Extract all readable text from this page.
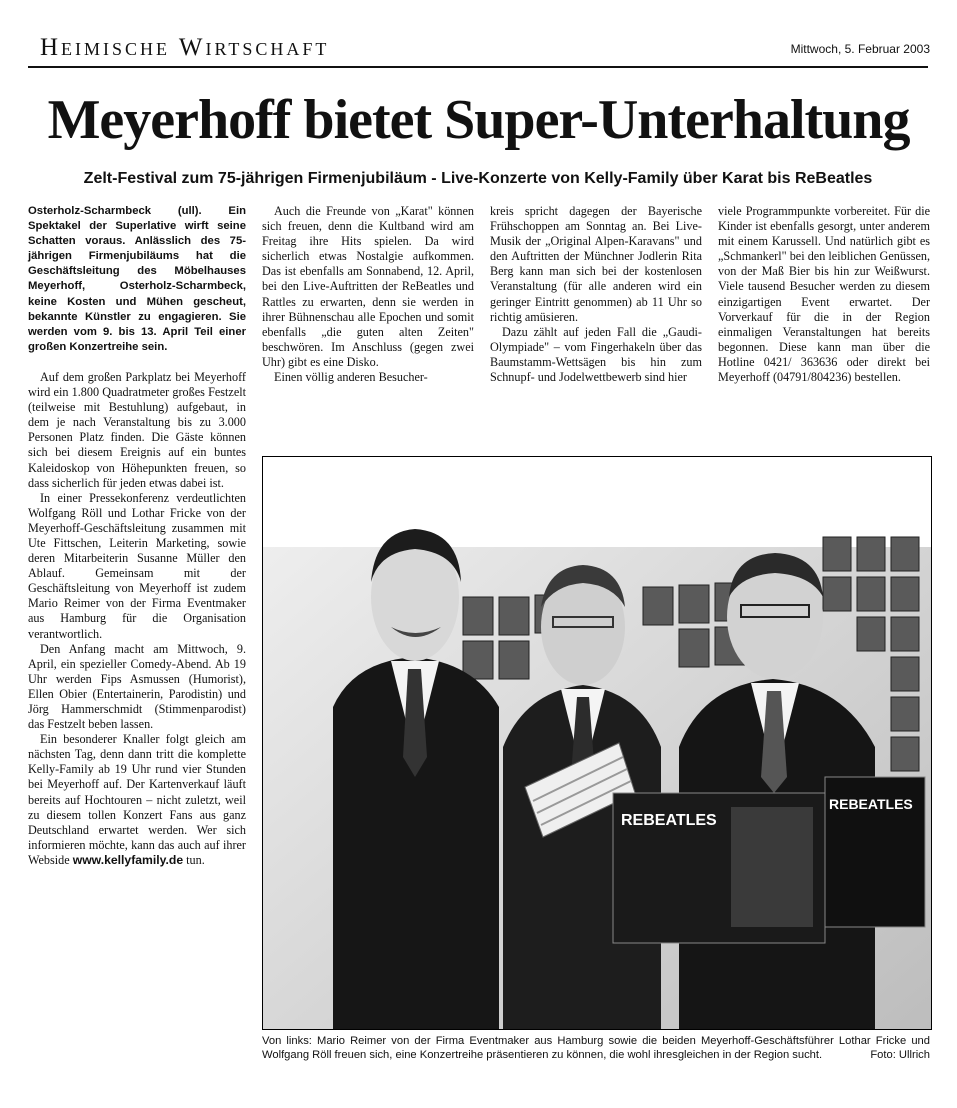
Heimische Wirtschaft	Mittwoch, 5. Februar 2003
Meyerhoff bietet Super-Unterhaltung
Zelt-Festival zum 75-jährigen Firmenjubiläum - Live-Konzerte von Kelly-Family über Karat bis ReBeatles

Osterholz-Scharmbeck (ull). Ein Spektakel der Superlative wirft seine Schatten voraus. Anlässlich des 75-jährigen Firmenjubiläums hat die Geschäftsleitung des Möbelhauses Meyerhoff, Osterholz-Scharmbeck, keine Kosten und Mühen gescheut, bekannte Künstler zu engagieren. Sie werden vom 9. bis 13. April Teil einer großen Konzertreihe sein.

Auf dem großen Parkplatz bei Meyerhoff wird ein 1.800 Quadratmeter großes Festzelt (teilweise mit Bestuhlung) aufgebaut, in dem je nach Veranstaltung bis zu 3.000 Personen Platz finden. Die Gäste können sich bei diesem Ereignis auf ein buntes Kaleidoskop von Höhepunkten freuen, so dass sicherlich für jeden etwas dabei ist.

In einer Pressekonferenz verdeutlichten Wolfgang Röll und Lothar Fricke von der Meyerhoff-Geschäftsleitung zusammen mit Ute Fittschen, Leiterin Marketing, sowie deren Mitarbeiterin Susanne Müller den Ablauf. Gemeinsam mit der Geschäftsleitung von Meyerhoff ist zudem Mario Reimer von der Firma Eventmaker aus Hamburg für die Organisation verantwortlich.

Den Anfang macht am Mittwoch, 9. April, ein spezieller Comedy-Abend. Ab 19 Uhr werden Fips Asmussen (Humorist), Ellen Obier (Entertainerin, Parodistin) und Jörg Hammerschmidt (Stimmenparodist) das Festzelt beben lassen.

Ein besonderer Knaller folgt gleich am nächsten Tag, denn dann tritt die komplette Kelly-Family ab 19 Uhr rund vier Stunden bei Meyerhoff auf. Der Kartenverkauf läuft bereits auf Hochtouren – nicht zuletzt, weil zu diesem tollen Konzert Fans aus ganz Deutschland erwartet werden. Wer sich informieren möchte, kann das auch auf ihrer Webside www.kellyfamily.de tun.

Auch die Freunde von „Karat" können sich freuen, denn die Kultband wird am Freitag ihre Hits spielen. Da wird sicherlich etwas Nostalgie aufkommen. Das ist ebenfalls am Sonnabend, 12. April, bei den Live-Auftritten der ReBeatles und Rattles zu erwarten, denn sie werden in ihrer Bühnenschau alle Epochen und somit ebenfalls „die guten alten Zeiten" beschwören. Im Anschluss (gegen zwei Uhr) gibt es eine Disko.

Einen völlig anderen Besucher-

kreis spricht dagegen der Bayerische Frühschoppen am Sonntag an. Bei Live-Musik der „Original Alpen-Karavans" und den Auftritten der Münchner Jodlerin Rita Berg kann man sich bei der kostenlosen Veranstaltung (für alle anderen wird ein geringer Eintritt genommen) ab 11 Uhr so richtig amüsieren.

Dazu zählt auf jeden Fall die „Gaudi-Olympiade" – vom Fingerhakeln über das Baumstamm-Wettsägen bis hin zum Schnupf- und Jodelwettbewerb sind hier

viele Programmpunkte vorbereitet. Für die Kinder ist ebenfalls gesorgt, unter anderem mit einem Karussell. Und natürlich gibt es „Schmankerl" bei den leiblichen Genüssen, von der Maß Bier bis hin zur Weißwurst. Viele tausend Besucher werden zu diesem einzigartigen Event erwartet. Der Vorverkauf für die in der Region einmaligen Veranstaltungen hat bereits begonnen. Diese kann man über die Hotline 0421/ 363636 oder direkt bei Meyerhoff (04791/804236) bestellen.

REBEATLES
REBEATLES
Von links: Mario Reimer von der Firma Eventmaker aus Hamburg sowie die beiden Meyerhoff-Geschäftsführer Lothar Fricke und Wolfgang Röll freuen sich, eine Konzertreihe präsentieren zu können, die wohl ihresgleichen in der Region sucht.	Foto: Ullrich
